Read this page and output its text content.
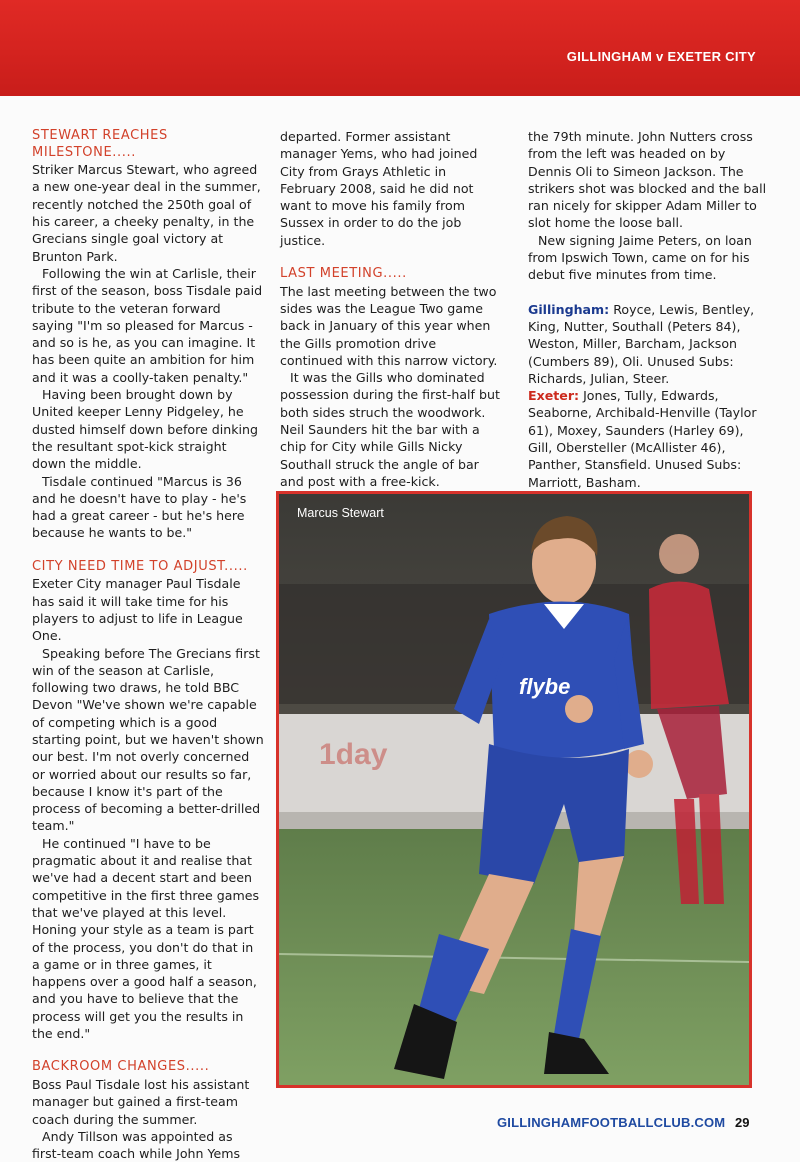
GILLINGHAM v EXETER CITY

STEWART REACHES
MILESTONE.....

Striker Marcus Stewart, who agreed a new one-year deal in the summer, recently notched the 250th goal of his career, a cheeky penalty, in the Grecians single goal victory at Brunton Park.

Following the win at Carlisle, their first of the season, boss Tisdale paid tribute to the veteran forward saying "I'm so pleased for Marcus - and so is he, as you can imagine. It has been quite an ambition for him and it was a coolly-taken penalty."

Having been brought down by United keeper Lenny Pidgeley, he dusted himself down before dinking the resultant spot-kick straight down the middle.

Tisdale continued "Marcus is 36 and he doesn't have to play - he's had a great career - but he's here because he wants to be."

CITY NEED TIME TO ADJUST.....

Exeter City manager Paul Tisdale has said it will take time for his players to adjust to life in League One.

Speaking before The Grecians first win of the season at Carlisle, following two draws, he told BBC Devon "We've shown we're capable of competing which is a good starting point, but we haven't shown our best. I'm not overly concerned or worried about our results so far, because I know it's part of the process of becoming a better-drilled team."

He continued "I have to be pragmatic about it and realise that we've had a decent start and been competitive in the first three games that we've played at this level. Honing your style as a team is part of the process, you don't do that in a game or in three games, it happens over a good half a season, and you have to believe that the process will get you the results in the end."

BACKROOM CHANGES.....

Boss Paul Tisdale lost his assistant manager but gained a first-team coach during the summer.

Andy Tillson was appointed as first-team coach while John Yems

departed. Former assistant manager Yems, who had joined City from Grays Athletic in February 2008, said he did not want to move his family from Sussex in order to do the job justice.

LAST MEETING.....

The last meeting between the two sides was the League Two game back in January of this year when the Gills promotion drive continued with this narrow victory.

It was the Gills who dominated possession during the first-half but both sides struch the woodwork. Neil Saunders hit the bar with a chip for City while Gills Nicky Southall struck the angle of bar and post with a free-kick.

the 79th minute. John Nutters cross from the left was headed on by Dennis Oli to Simeon Jackson. The strikers shot was blocked and the ball ran nicely for skipper Adam Miller to slot home the loose ball.

New signing Jaime Peters, on loan from Ipswich Town, came on for his debut five minutes from time.

Gillingham: Royce, Lewis, Bentley, King, Nutter, Southall (Peters 84), Weston, Miller, Barcham, Jackson (Cumbers 89), Oli. Unused Subs: Richards, Julian, Steer.

Exeter: Jones, Tully, Edwards, Seaborne, Archibald-Henville (Taylor 61), Moxey, Saunders (Harley 69), Gill, Obersteller (McAllister 46), Panther, Stansfield. Unused Subs: Marriott, Basham.

1day
flybe
Marcus Stewart
GILLINGHAMFOOTBALLCLUB.COM 29
